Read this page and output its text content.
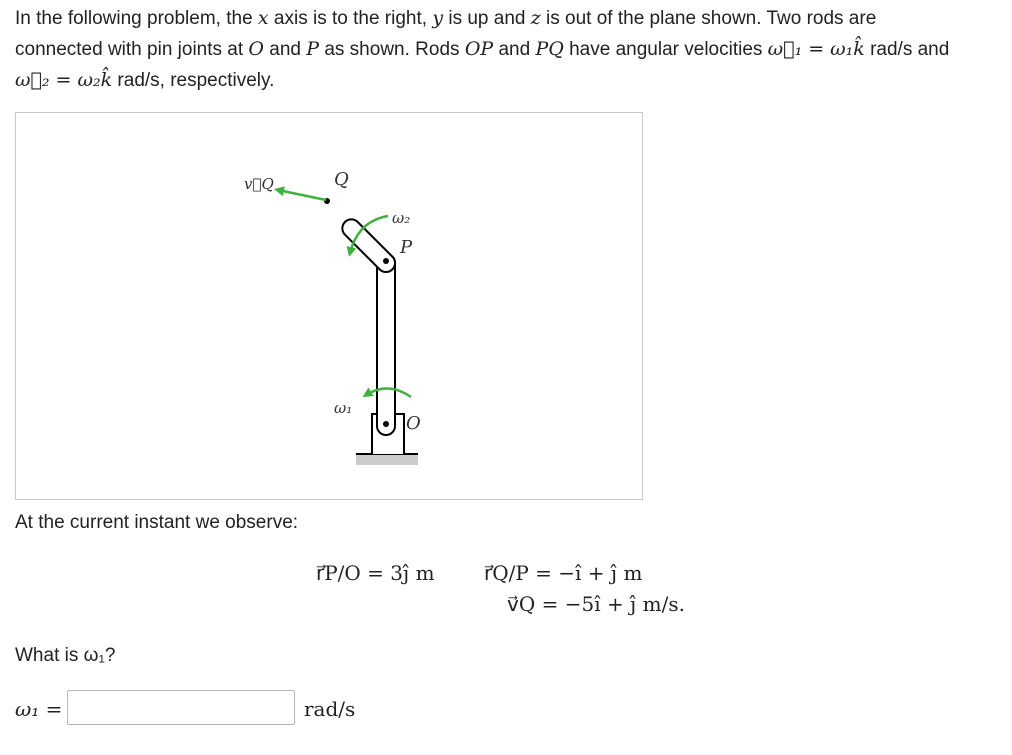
In the following problem, the x axis is to the right, y is up and z is out of the plane shown. Two rods are
connected with pin joints at O and P as shown. Rods OP and PQ have angular velocities ω⃗₁ = ω₁k̂ rad/s and
ω⃗₂ = ω₂k̂ rad/s, respectively.
v⃗Q	Q
ω₂
P
ω₁
O
At the current instant we observe:
r⃗P/O = 3ĵ m r⃗Q/P = −î + ĵ m
v⃗Q = −5î + ĵ m/s.
What is ω₁?
ω₁ =	rad/s
